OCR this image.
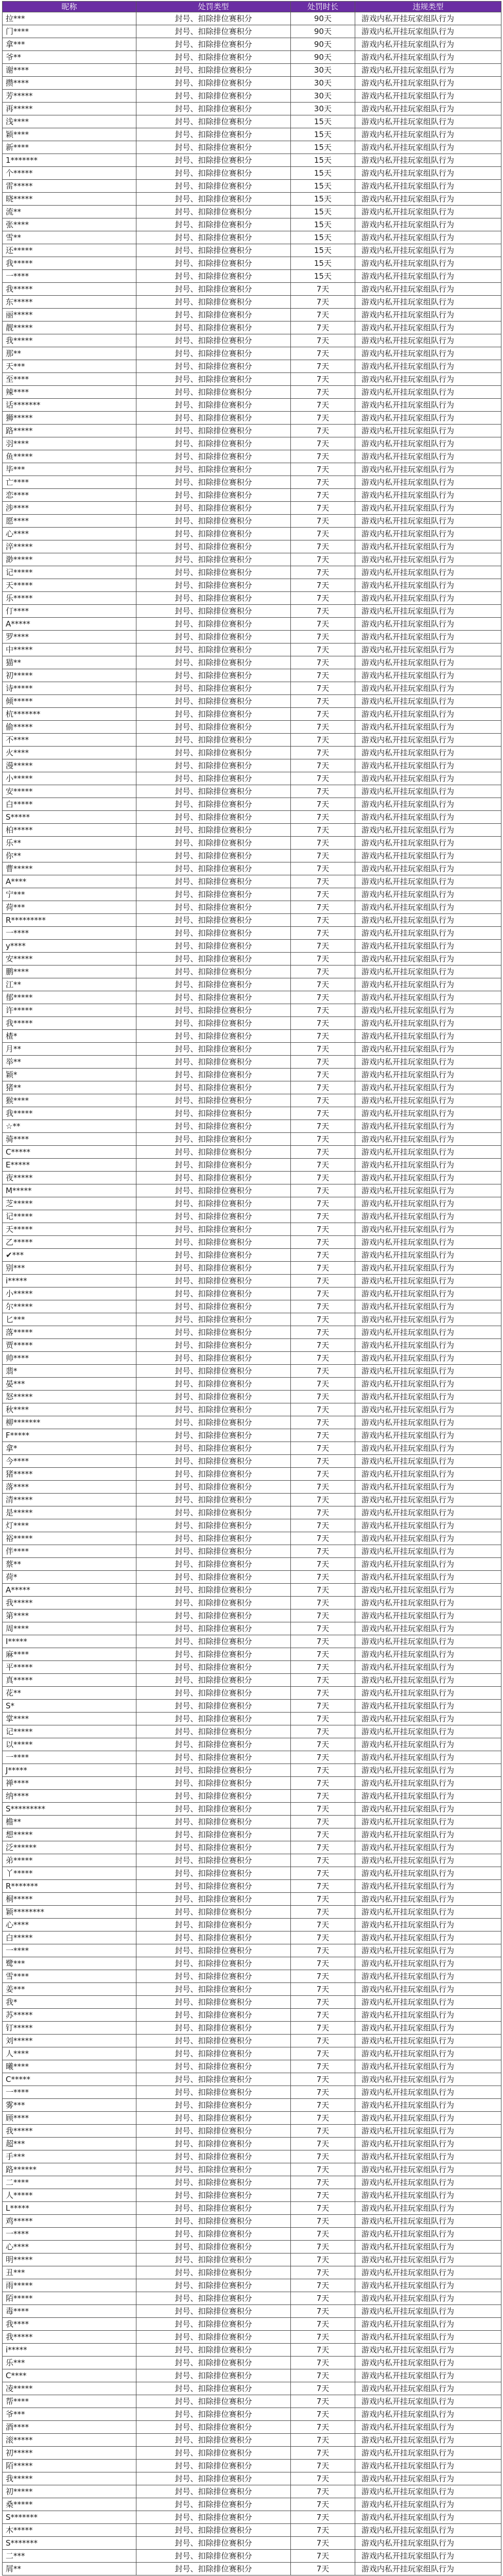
昵称	处罚类型	处罚时长	违规类型
拉***	封号、扣除排位赛积分	90天	游戏内私开挂玩家组队行为
门****	封号、扣除排位赛积分	90天	游戏内私开挂玩家组队行为
拿***	封号、扣除排位赛积分	90天	游戏内私开挂玩家组队行为
爷**	封号、扣除排位赛积分	90天	游戏内私开挂玩家组队行为
谢****	封号、扣除排位赛积分	30天	游戏内私开挂玩家组队行为
攒****	封号、扣除排位赛积分	30天	游戏内私开挂玩家组队行为
芳*****	封号、扣除排位赛积分	30天	游戏内私开挂玩家组队行为
再*****	封号、扣除排位赛积分	30天	游戏内私开挂玩家组队行为
浅****	封号、扣除排位赛积分	15天	游戏内私开挂玩家组队行为
颖****	封号、扣除排位赛积分	15天	游戏内私开挂玩家组队行为
新****	封号、扣除排位赛积分	15天	游戏内私开挂玩家组队行为
1*******	封号、扣除排位赛积分	15天	游戏内私开挂玩家组队行为
个*****	封号、扣除排位赛积分	15天	游戏内私开挂玩家组队行为
雷*****	封号、扣除排位赛积分	15天	游戏内私开挂玩家组队行为
晓*****	封号、扣除排位赛积分	15天	游戏内私开挂玩家组队行为
流**	封号、扣除排位赛积分	15天	游戏内私开挂玩家组队行为
张****	封号、扣除排位赛积分	15天	游戏内私开挂玩家组队行为
雪**	封号、扣除排位赛积分	15天	游戏内私开挂玩家组队行为
还*****	封号、扣除排位赛积分	15天	游戏内私开挂玩家组队行为
我*****	封号、扣除排位赛积分	15天	游戏内私开挂玩家组队行为
一****	封号、扣除排位赛积分	15天	游戏内私开挂玩家组队行为
我*****	封号、扣除排位赛积分	7天	游戏内私开挂玩家组队行为
东*****	封号、扣除排位赛积分	7天	游戏内私开挂玩家组队行为
丽*****	封号、扣除排位赛积分	7天	游戏内私开挂玩家组队行为
靓*****	封号、扣除排位赛积分	7天	游戏内私开挂玩家组队行为
我*****	封号、扣除排位赛积分	7天	游戏内私开挂玩家组队行为
那**	封号、扣除排位赛积分	7天	游戏内私开挂玩家组队行为
天***	封号、扣除排位赛积分	7天	游戏内私开挂玩家组队行为
至****	封号、扣除排位赛积分	7天	游戏内私开挂玩家组队行为
辣****	封号、扣除排位赛积分	7天	游戏内私开挂玩家组队行为
话*******	封号、扣除排位赛积分	7天	游戏内私开挂玩家组队行为
狮*****	封号、扣除排位赛积分	7天	游戏内私开挂玩家组队行为
路*****	封号、扣除排位赛积分	7天	游戏内私开挂玩家组队行为
羽****	封号、扣除排位赛积分	7天	游戏内私开挂玩家组队行为
鱼*****	封号、扣除排位赛积分	7天	游戏内私开挂玩家组队行为
毕***	封号、扣除排位赛积分	7天	游戏内私开挂玩家组队行为
亡****	封号、扣除排位赛积分	7天	游戏内私开挂玩家组队行为
恋****	封号、扣除排位赛积分	7天	游戏内私开挂玩家组队行为
涉****	封号、扣除排位赛积分	7天	游戏内私开挂玩家组队行为
愿****	封号、扣除排位赛积分	7天	游戏内私开挂玩家组队行为
心****	封号、扣除排位赛积分	7天	游戏内私开挂玩家组队行为
淬*****	封号、扣除排位赛积分	7天	游戏内私开挂玩家组队行为
渺*****	封号、扣除排位赛积分	7天	游戏内私开挂玩家组队行为
记*****	封号、扣除排位赛积分	7天	游戏内私开挂玩家组队行为
天*****	封号、扣除排位赛积分	7天	游戏内私开挂玩家组队行为
乐*****	封号、扣除排位赛积分	7天	游戏内私开挂玩家组队行为
仃****	封号、扣除排位赛积分	7天	游戏内私开挂玩家组队行为
A*****	封号、扣除排位赛积分	7天	游戏内私开挂玩家组队行为
罗****	封号、扣除排位赛积分	7天	游戏内私开挂玩家组队行为
中*****	封号、扣除排位赛积分	7天	游戏内私开挂玩家组队行为
猫**	封号、扣除排位赛积分	7天	游戏内私开挂玩家组队行为
初*****	封号、扣除排位赛积分	7天	游戏内私开挂玩家组队行为
诗*****	封号、扣除排位赛积分	7天	游戏内私开挂玩家组队行为
倾*****	封号、扣除排位赛积分	7天	游戏内私开挂玩家组队行为
杭*******	封号、扣除排位赛积分	7天	游戏内私开挂玩家组队行为
偷*****	封号、扣除排位赛积分	7天	游戏内私开挂玩家组队行为
不****	封号、扣除排位赛积分	7天	游戏内私开挂玩家组队行为
火****	封号、扣除排位赛积分	7天	游戏内私开挂玩家组队行为
漫*****	封号、扣除排位赛积分	7天	游戏内私开挂玩家组队行为
小*****	封号、扣除排位赛积分	7天	游戏内私开挂玩家组队行为
安*****	封号、扣除排位赛积分	7天	游戏内私开挂玩家组队行为
白*****	封号、扣除排位赛积分	7天	游戏内私开挂玩家组队行为
S*****	封号、扣除排位赛积分	7天	游戏内私开挂玩家组队行为
柏*****	封号、扣除排位赛积分	7天	游戏内私开挂玩家组队行为
乐**	封号、扣除排位赛积分	7天	游戏内私开挂玩家组队行为
你**	封号、扣除排位赛积分	7天	游戏内私开挂玩家组队行为
曹*****	封号、扣除排位赛积分	7天	游戏内私开挂玩家组队行为
A****	封号、扣除排位赛积分	7天	游戏内私开挂玩家组队行为
宁***	封号、扣除排位赛积分	7天	游戏内私开挂玩家组队行为
荷***	封号、扣除排位赛积分	7天	游戏内私开挂玩家组队行为
R*********	封号、扣除排位赛积分	7天	游戏内私开挂玩家组队行为
一****	封号、扣除排位赛积分	7天	游戏内私开挂玩家组队行为
y****	封号、扣除排位赛积分	7天	游戏内私开挂玩家组队行为
安*****	封号、扣除排位赛积分	7天	游戏内私开挂玩家组队行为
鹏****	封号、扣除排位赛积分	7天	游戏内私开挂玩家组队行为
江**	封号、扣除排位赛积分	7天	游戏内私开挂玩家组队行为
郁*****	封号、扣除排位赛积分	7天	游戏内私开挂玩家组队行为
许*****	封号、扣除排位赛积分	7天	游戏内私开挂玩家组队行为
我*****	封号、扣除排位赛积分	7天	游戏内私开挂玩家组队行为
楂*	封号、扣除排位赛积分	7天	游戏内私开挂玩家组队行为
月**	封号、扣除排位赛积分	7天	游戏内私开挂玩家组队行为
举**	封号、扣除排位赛积分	7天	游戏内私开挂玩家组队行为
颖*	封号、扣除排位赛积分	7天	游戏内私开挂玩家组队行为
猪**	封号、扣除排位赛积分	7天	游戏内私开挂玩家组队行为
猴****	封号、扣除排位赛积分	7天	游戏内私开挂玩家组队行为
我*****	封号、扣除排位赛积分	7天	游戏内私开挂玩家组队行为
☆**	封号、扣除排位赛积分	7天	游戏内私开挂玩家组队行为
骑****	封号、扣除排位赛积分	7天	游戏内私开挂玩家组队行为
C*****	封号、扣除排位赛积分	7天	游戏内私开挂玩家组队行为
E*****	封号、扣除排位赛积分	7天	游戏内私开挂玩家组队行为
夜*****	封号、扣除排位赛积分	7天	游戏内私开挂玩家组队行为
M*****	封号、扣除排位赛积分	7天	游戏内私开挂玩家组队行为
芝*****	封号、扣除排位赛积分	7天	游戏内私开挂玩家组队行为
记*****	封号、扣除排位赛积分	7天	游戏内私开挂玩家组队行为
天*****	封号、扣除排位赛积分	7天	游戏内私开挂玩家组队行为
乙*****	封号、扣除排位赛积分	7天	游戏内私开挂玩家组队行为
✔***	封号、扣除排位赛积分	7天	游戏内私开挂玩家组队行为
别***	封号、扣除排位赛积分	7天	游戏内私开挂玩家组队行为
i*****	封号、扣除排位赛积分	7天	游戏内私开挂玩家组队行为
小*****	封号、扣除排位赛积分	7天	游戏内私开挂玩家组队行为
尔*****	封号、扣除排位赛积分	7天	游戏内私开挂玩家组队行为
匕***	封号、扣除排位赛积分	7天	游戏内私开挂玩家组队行为
落*****	封号、扣除排位赛积分	7天	游戏内私开挂玩家组队行为
贾*****	封号、扣除排位赛积分	7天	游戏内私开挂玩家组队行为
帅****	封号、扣除排位赛积分	7天	游戏内私开挂玩家组队行为
翡*	封号、扣除排位赛积分	7天	游戏内私开挂玩家组队行为
晏***	封号、扣除排位赛积分	7天	游戏内私开挂玩家组队行为
怒*****	封号、扣除排位赛积分	7天	游戏内私开挂玩家组队行为
秋****	封号、扣除排位赛积分	7天	游戏内私开挂玩家组队行为
柳*******	封号、扣除排位赛积分	7天	游戏内私开挂玩家组队行为
F*****	封号、扣除排位赛积分	7天	游戏内私开挂玩家组队行为
拿*	封号、扣除排位赛积分	7天	游戏内私开挂玩家组队行为
今****	封号、扣除排位赛积分	7天	游戏内私开挂玩家组队行为
猪*****	封号、扣除排位赛积分	7天	游戏内私开挂玩家组队行为
落****	封号、扣除排位赛积分	7天	游戏内私开挂玩家组队行为
清*****	封号、扣除排位赛积分	7天	游戏内私开挂玩家组队行为
是*****	封号、扣除排位赛积分	7天	游戏内私开挂玩家组队行为
灯****	封号、扣除排位赛积分	7天	游戏内私开挂玩家组队行为
裕*****	封号、扣除排位赛积分	7天	游戏内私开挂玩家组队行为
伴****	封号、扣除排位赛积分	7天	游戏内私开挂玩家组队行为
蔡**	封号、扣除排位赛积分	7天	游戏内私开挂玩家组队行为
荷*	封号、扣除排位赛积分	7天	游戏内私开挂玩家组队行为
A*****	封号、扣除排位赛积分	7天	游戏内私开挂玩家组队行为
我*****	封号、扣除排位赛积分	7天	游戏内私开挂玩家组队行为
第****	封号、扣除排位赛积分	7天	游戏内私开挂玩家组队行为
周****	封号、扣除排位赛积分	7天	游戏内私开挂玩家组队行为
I*****	封号、扣除排位赛积分	7天	游戏内私开挂玩家组队行为
麻****	封号、扣除排位赛积分	7天	游戏内私开挂玩家组队行为
平*****	封号、扣除排位赛积分	7天	游戏内私开挂玩家组队行为
真*****	封号、扣除排位赛积分	7天	游戏内私开挂玩家组队行为
花**	封号、扣除排位赛积分	7天	游戏内私开挂玩家组队行为
S*	封号、扣除排位赛积分	7天	游戏内私开挂玩家组队行为
掌****	封号、扣除排位赛积分	7天	游戏内私开挂玩家组队行为
记*****	封号、扣除排位赛积分	7天	游戏内私开挂玩家组队行为
以*****	封号、扣除排位赛积分	7天	游戏内私开挂玩家组队行为
一****	封号、扣除排位赛积分	7天	游戏内私开挂玩家组队行为
J*****	封号、扣除排位赛积分	7天	游戏内私开挂玩家组队行为
禅****	封号、扣除排位赛积分	7天	游戏内私开挂玩家组队行为
纳****	封号、扣除排位赛积分	7天	游戏内私开挂玩家组队行为
S*********	封号、扣除排位赛积分	7天	游戏内私开挂玩家组队行为
檐**	封号、扣除排位赛积分	7天	游戏内私开挂玩家组队行为
想*****	封号、扣除排位赛积分	7天	游戏内私开挂玩家组队行为
泛******	封号、扣除排位赛积分	7天	游戏内私开挂玩家组队行为
弟*****	封号、扣除排位赛积分	7天	游戏内私开挂玩家组队行为
丫*****	封号、扣除排位赛积分	7天	游戏内私开挂玩家组队行为
R*******	封号、扣除排位赛积分	7天	游戏内私开挂玩家组队行为
桐*****	封号、扣除排位赛积分	7天	游戏内私开挂玩家组队行为
颖********	封号、扣除排位赛积分	7天	游戏内私开挂玩家组队行为
心****	封号、扣除排位赛积分	7天	游戏内私开挂玩家组队行为
白*****	封号、扣除排位赛积分	7天	游戏内私开挂玩家组队行为
一****	封号、扣除排位赛积分	7天	游戏内私开挂玩家组队行为
鹭***	封号、扣除排位赛积分	7天	游戏内私开挂玩家组队行为
雪****	封号、扣除排位赛积分	7天	游戏内私开挂玩家组队行为
姜***	封号、扣除排位赛积分	7天	游戏内私开挂玩家组队行为
我*	封号、扣除排位赛积分	7天	游戏内私开挂玩家组队行为
苏*****	封号、扣除排位赛积分	7天	游戏内私开挂玩家组队行为
钉*****	封号、扣除排位赛积分	7天	游戏内私开挂玩家组队行为
刘*****	封号、扣除排位赛积分	7天	游戏内私开挂玩家组队行为
人****	封号、扣除排位赛积分	7天	游戏内私开挂玩家组队行为
曦****	封号、扣除排位赛积分	7天	游戏内私开挂玩家组队行为
C*****	封号、扣除排位赛积分	7天	游戏内私开挂玩家组队行为
一****	封号、扣除排位赛积分	7天	游戏内私开挂玩家组队行为
雾***	封号、扣除排位赛积分	7天	游戏内私开挂玩家组队行为
顾****	封号、扣除排位赛积分	7天	游戏内私开挂玩家组队行为
我*****	封号、扣除排位赛积分	7天	游戏内私开挂玩家组队行为
超***	封号、扣除排位赛积分	7天	游戏内私开挂玩家组队行为
手***	封号、扣除排位赛积分	7天	游戏内私开挂玩家组队行为
路******	封号、扣除排位赛积分	7天	游戏内私开挂玩家组队行为
二****	封号、扣除排位赛积分	7天	游戏内私开挂玩家组队行为
人*****	封号、扣除排位赛积分	7天	游戏内私开挂玩家组队行为
L*****	封号、扣除排位赛积分	7天	游戏内私开挂玩家组队行为
鸡*****	封号、扣除排位赛积分	7天	游戏内私开挂玩家组队行为
一****	封号、扣除排位赛积分	7天	游戏内私开挂玩家组队行为
心****	封号、扣除排位赛积分	7天	游戏内私开挂玩家组队行为
明*****	封号、扣除排位赛积分	7天	游戏内私开挂玩家组队行为
丑***	封号、扣除排位赛积分	7天	游戏内私开挂玩家组队行为
雨*****	封号、扣除排位赛积分	7天	游戏内私开挂玩家组队行为
陌*****	封号、扣除排位赛积分	7天	游戏内私开挂玩家组队行为
毒****	封号、扣除排位赛积分	7天	游戏内私开挂玩家组队行为
我****	封号、扣除排位赛积分	7天	游戏内私开挂玩家组队行为
我*****	封号、扣除排位赛积分	7天	游戏内私开挂玩家组队行为
i*****	封号、扣除排位赛积分	7天	游戏内私开挂玩家组队行为
乐***	封号、扣除排位赛积分	7天	游戏内私开挂玩家组队行为
C****	封号、扣除排位赛积分	7天	游戏内私开挂玩家组队行为
凌*****	封号、扣除排位赛积分	7天	游戏内私开挂玩家组队行为
帮****	封号、扣除排位赛积分	7天	游戏内私开挂玩家组队行为
爷***	封号、扣除排位赛积分	7天	游戏内私开挂玩家组队行为
酒****	封号、扣除排位赛积分	7天	游戏内私开挂玩家组队行为
滚*****	封号、扣除排位赛积分	7天	游戏内私开挂玩家组队行为
初*****	封号、扣除排位赛积分	7天	游戏内私开挂玩家组队行为
陌*****	封号、扣除排位赛积分	7天	游戏内私开挂玩家组队行为
我*****	封号、扣除排位赛积分	7天	游戏内私开挂玩家组队行为
初*****	封号、扣除排位赛积分	7天	游戏内私开挂玩家组队行为
桑*****	封号、扣除排位赛积分	7天	游戏内私开挂玩家组队行为
S*******	封号、扣除排位赛积分	7天	游戏内私开挂玩家组队行为
木*****	封号、扣除排位赛积分	7天	游戏内私开挂玩家组队行为
S*******	封号、扣除排位赛积分	7天	游戏内私开挂玩家组队行为
二***	封号、扣除排位赛积分	7天	游戏内私开挂玩家组队行为
屑**	封号、扣除排位赛积分	7天	游戏内私开挂玩家组队行为
